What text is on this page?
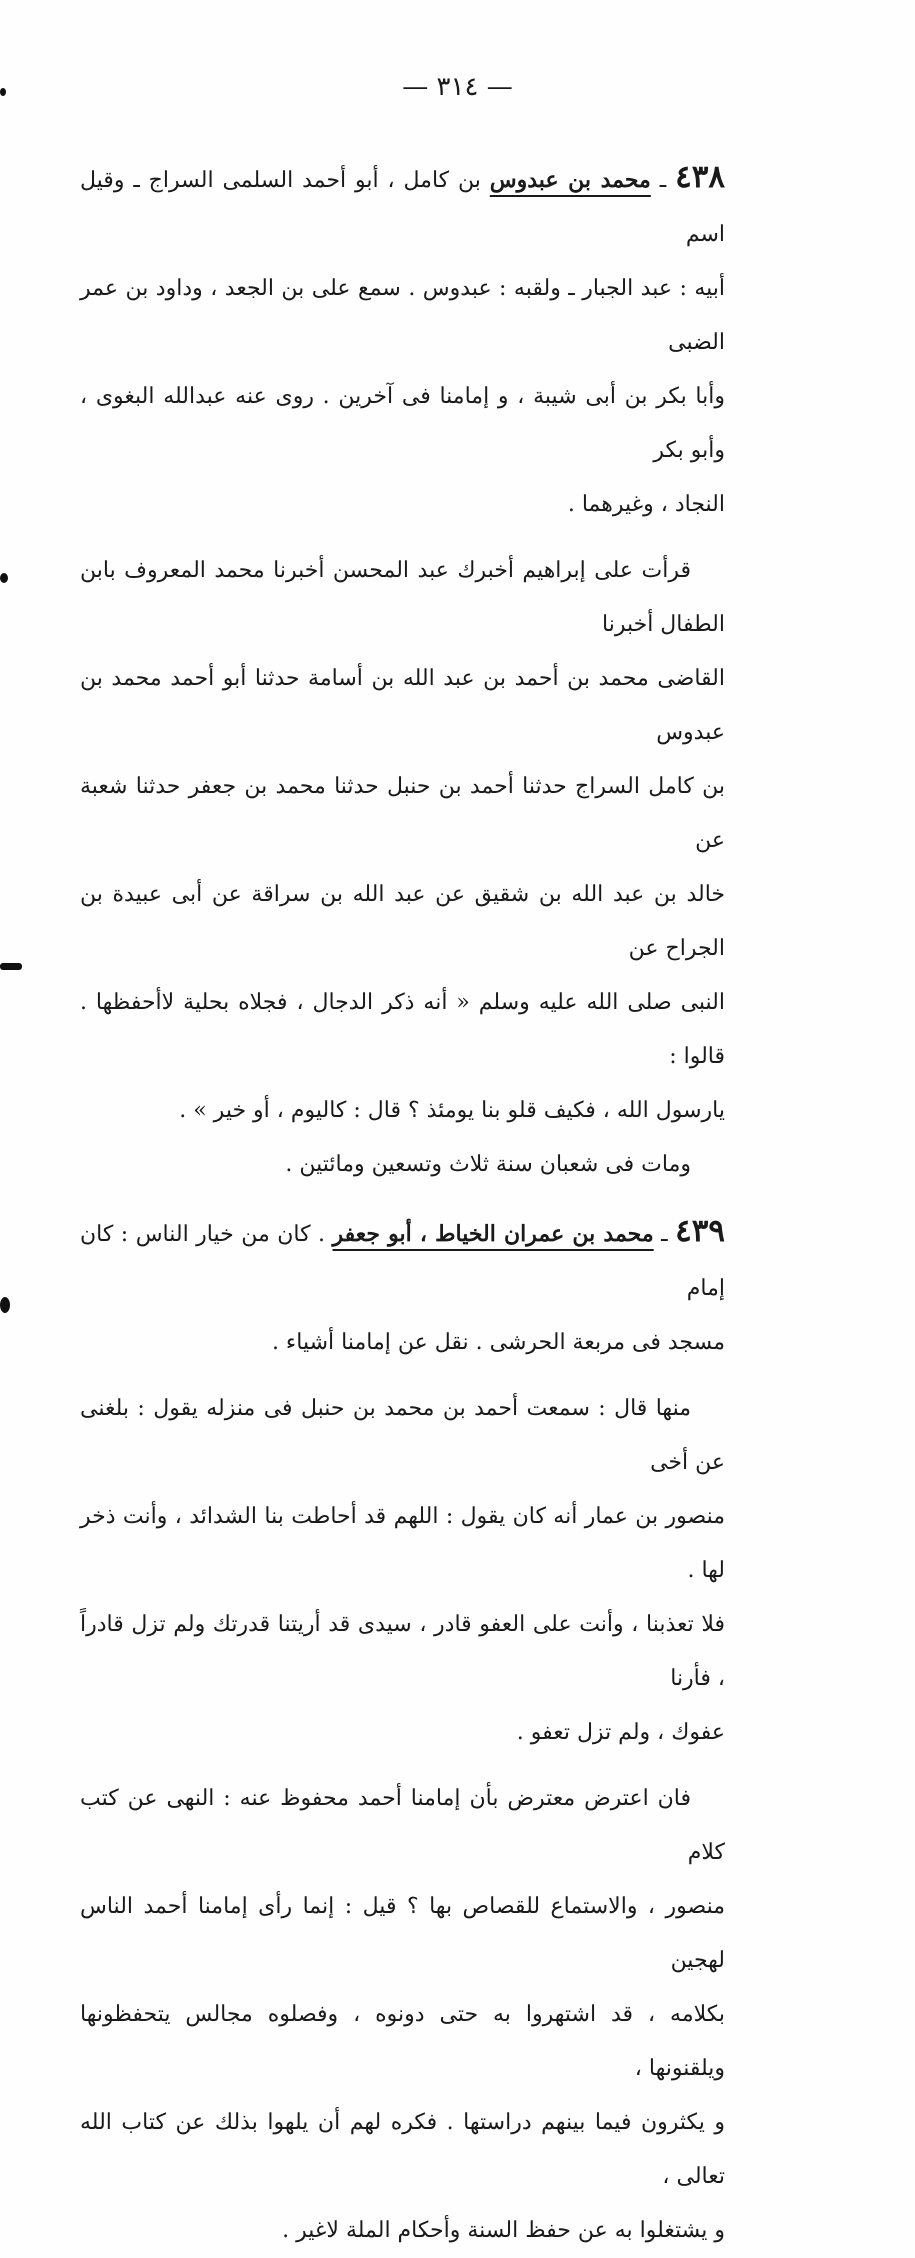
— ٣١٤ —

٤٣٨ ـ محمد بن عبدوس بن كامل ، أبو أحمد السلمى السراج ـ وقيل اسم

أبيه : عبد الجبار ـ ولقبه : عبدوس . سمع على بن الجعد ، وداود بن عمر الضبى

وأبا بكر بن أبى شيبة ، و إمامنا فى آخرين . روى عنه عبدالله البغوى ، وأبو بكر

النجاد ، وغيرهما .

قرأت على إبراهيم أخبرك عبد المحسن أخبرنا محمد المعروف بابن الطفال أخبرنا

القاضى محمد بن أحمد بن عبد الله بن أسامة حدثنا أبو أحمد محمد بن عبدوس

بن كامل السراج حدثنا أحمد بن حنبل حدثنا محمد بن جعفر حدثنا شعبة عن

خالد بن عبد الله بن شقيق عن عبد الله بن سراقة عن أبى عبيدة بن الجراح عن

النبى صلى الله عليه وسلم « أنه ذكر الدجال ، فجلاه بحلية لاأحفظها . قالوا :

يارسول الله ، فكيف قلو بنا يومئذ ؟ قال : كاليوم ، أو خير » .

ومات فى شعبان سنة ثلاث وتسعين ومائتين .

٤٣٩ ـ محمد بن عمران الخياط ، أبو جعفر . كان من خيار الناس : كان إمام

مسجد فى مربعة الحرشى . نقل عن إمامنا أشياء .

منها قال : سمعت أحمد بن محمد بن حنبل فى منزله يقول : بلغنى عن أخى

منصور بن عمار أنه كان يقول : اللهم قد أحاطت بنا الشدائد ، وأنت ذخر لها .

فلا تعذبنا ، وأنت على العفو قادر ، سيدى قد أريتنا قدرتك ولم تزل قادراً ، فأرنا

عفوك ، ولم تزل تعفو .

فان اعترض معترض بأن إمامنا أحمد محفوظ عنه : النهى عن كتب كلام

منصور ، والاستماع للقصاص بها ؟ قيل : إنما رأى إمامنا أحمد الناس لهجين

بكلامه ، قد اشتهروا به حتى دونوه ، وفصلوه مجالس يتحفظونها ويلقنونها ،

و يكثرون فيما بينهم دراستها . فكره لهم أن يلهوا بذلك عن كتاب الله تعالى ،

و يشتغلوا به عن حفظ السنة وأحكام الملة لاغير .
